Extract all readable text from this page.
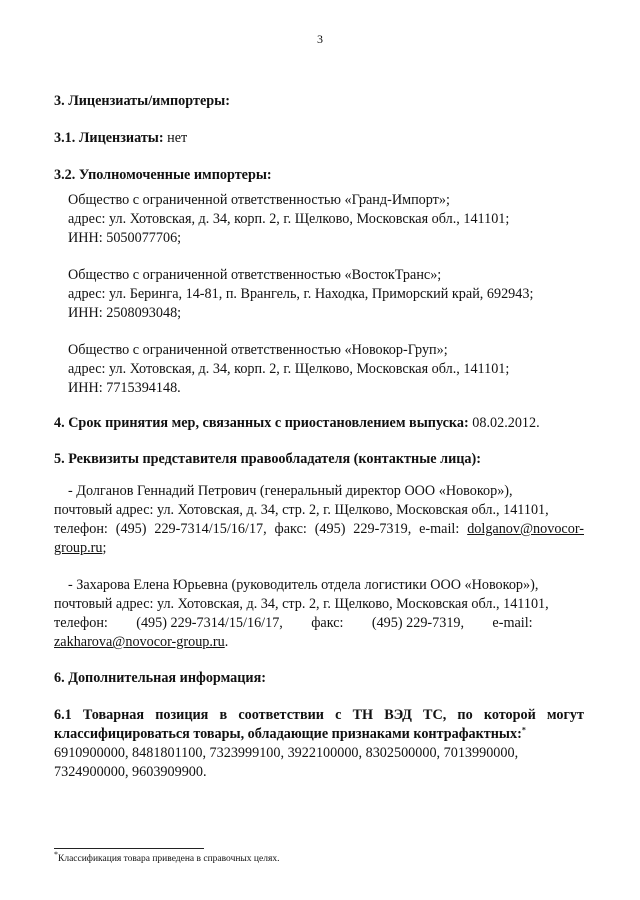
3

3. Лицензиаты/импортеры:

3.1. Лицензиаты: нет

3.2. Уполномоченные импортеры:

Общество с ограниченной ответственностью «Гранд-Импорт»;

адрес: ул. Хотовская, д. 34, корп. 2, г. Щелково, Московская обл., 141101;

ИНН: 5050077706;

Общество с ограниченной ответственностью «ВостокТранс»;

адрес: ул. Беринга, 14-81, п. Врангель, г. Находка, Приморский край, 692943;

ИНН: 2508093048;

Общество с ограниченной ответственностью «Новокор-Груп»;

адрес: ул. Хотовская, д. 34, корп. 2, г. Щелково, Московская обл., 141101;

ИНН: 7715394148.

4. Срок принятия мер, связанных с приостановлением выпуска: 08.02.2012.

5. Реквизиты представителя правообладателя (контактные лица):

- Долганов Геннадий Петрович (генеральный директор ООО «Новокор»),

почтовый адрес: ул. Хотовская, д. 34, стр. 2, г. Щелково, Московская обл., 141101,

телефон: (495) 229-7314/15/16/17, факс: (495) 229-7319, e-mail: dolganov@novocor-

group.ru;

- Захарова Елена Юрьевна (руководитель отдела логистики ООО «Новокор»),

почтовый адрес: ул. Хотовская, д. 34, стр. 2, г. Щелково, Московская обл., 141101,

телефон:        (495) 229-7314/15/16/17,        факс:        (495) 229-7319,        e-mail:

zakharova@novocor-group.ru.

6. Дополнительная информация:

6.1 Товарная позиция в соответствии с ТН ВЭД ТС, по которой могут классифицироваться товары, обладающие признаками контрафактных:*

6910900000, 8481801100, 7323999100, 3922100000, 8302500000, 7013990000,

7324900000, 9603909900.

*Классификация товара приведена в справочных целях.
